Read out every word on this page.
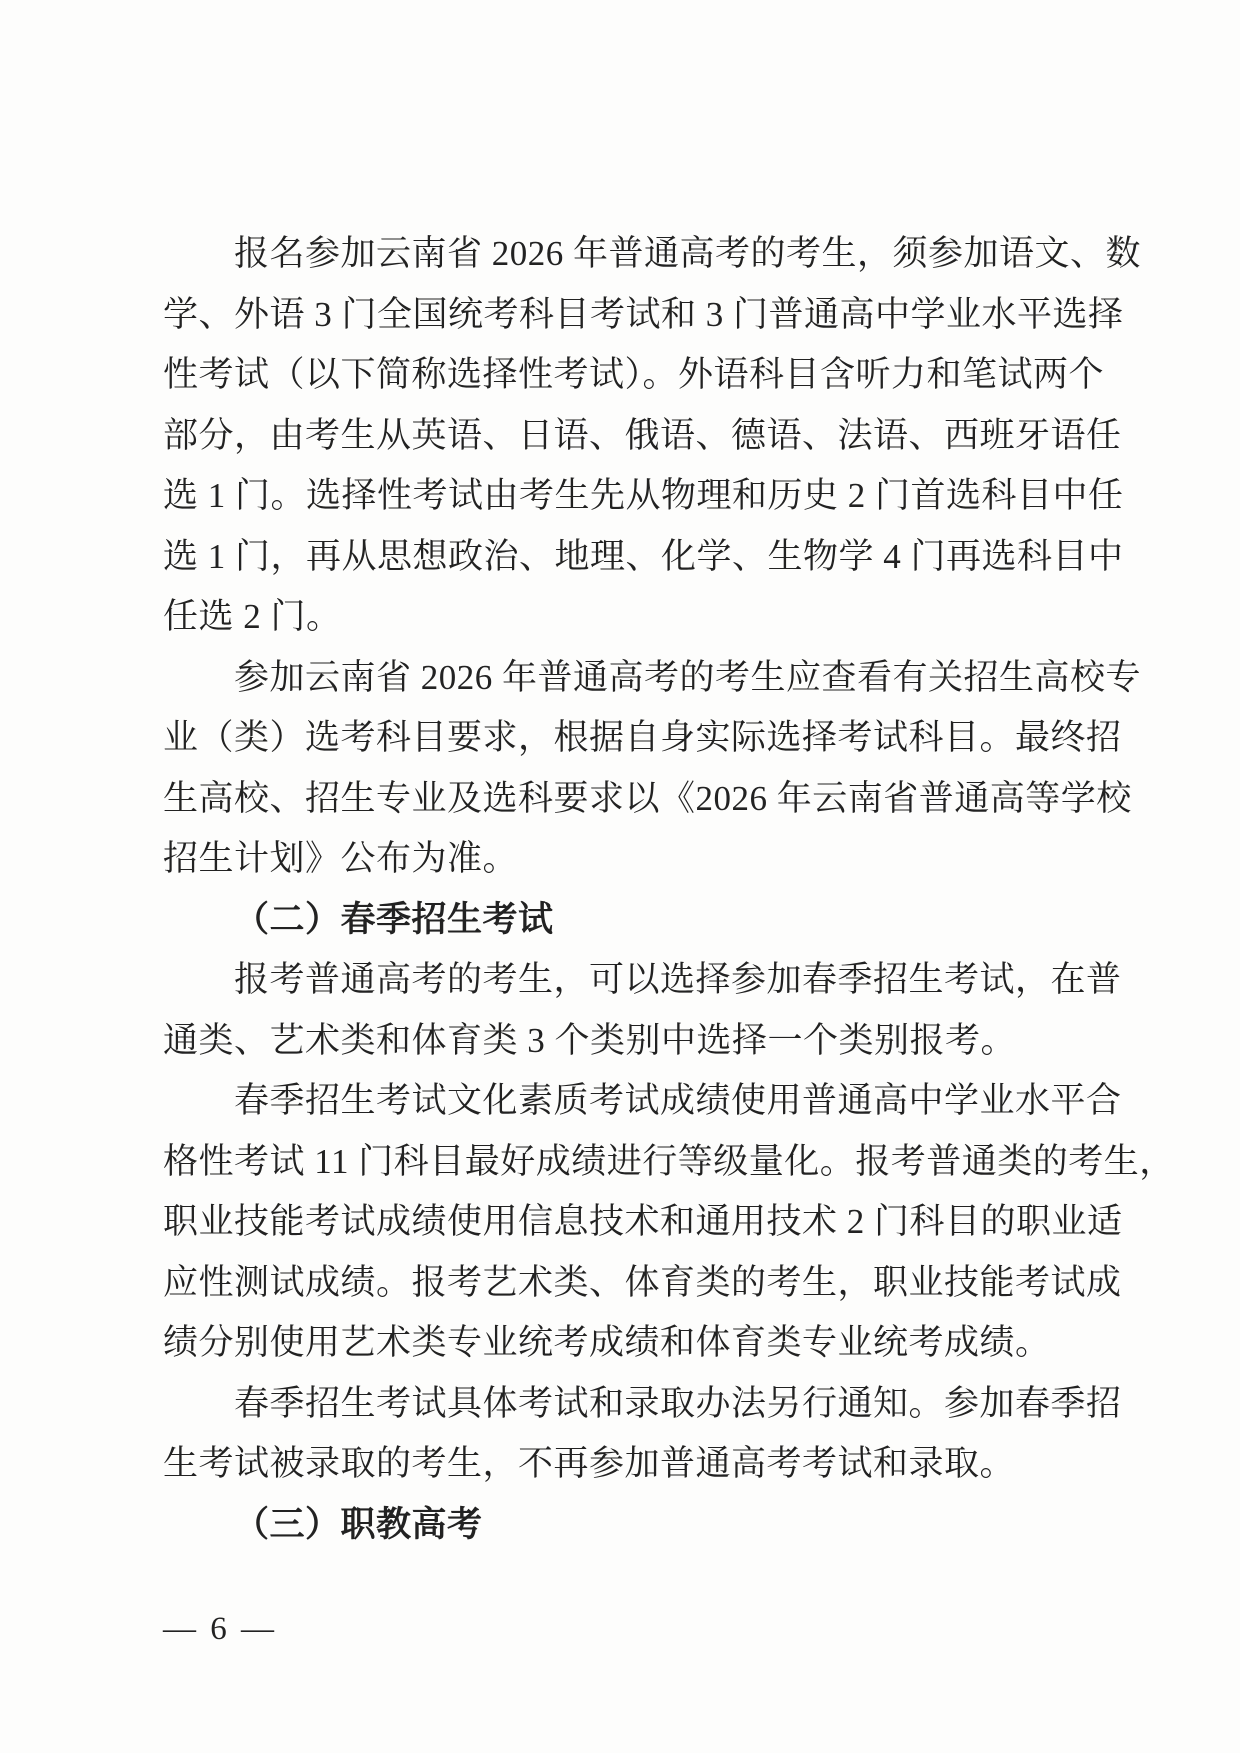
报名参加云南省 2026 年普通高考的考生，须参加语文、数
学、外语 3 门全国统考科目考试和 3 门普通高中学业水平选择
性考试（以下简称选择性考试）。外语科目含听力和笔试两个
部分，由考生从英语、日语、俄语、德语、法语、西班牙语任
选 1 门。选择性考试由考生先从物理和历史 2 门首选科目中任
选 1 门，再从思想政治、地理、化学、生物学 4 门再选科目中
任选 2 门。
参加云南省 2026 年普通高考的考生应查看有关招生高校专
业（类）选考科目要求，根据自身实际选择考试科目。最终招
生高校、招生专业及选科要求以《2026 年云南省普通高等学校
招生计划》公布为准。
（二）春季招生考试
报考普通高考的考生，可以选择参加春季招生考试，在普
通类、艺术类和体育类 3 个类别中选择一个类别报考。
春季招生考试文化素质考试成绩使用普通高中学业水平合
格性考试 11 门科目最好成绩进行等级量化。报考普通类的考生，
职业技能考试成绩使用信息技术和通用技术 2 门科目的职业适
应性测试成绩。报考艺术类、体育类的考生，职业技能考试成
绩分别使用艺术类专业统考成绩和体育类专业统考成绩。
春季招生考试具体考试和录取办法另行通知。参加春季招
生考试被录取的考生，不再参加普通高考考试和录取。
（三）职教高考
— 6 —
